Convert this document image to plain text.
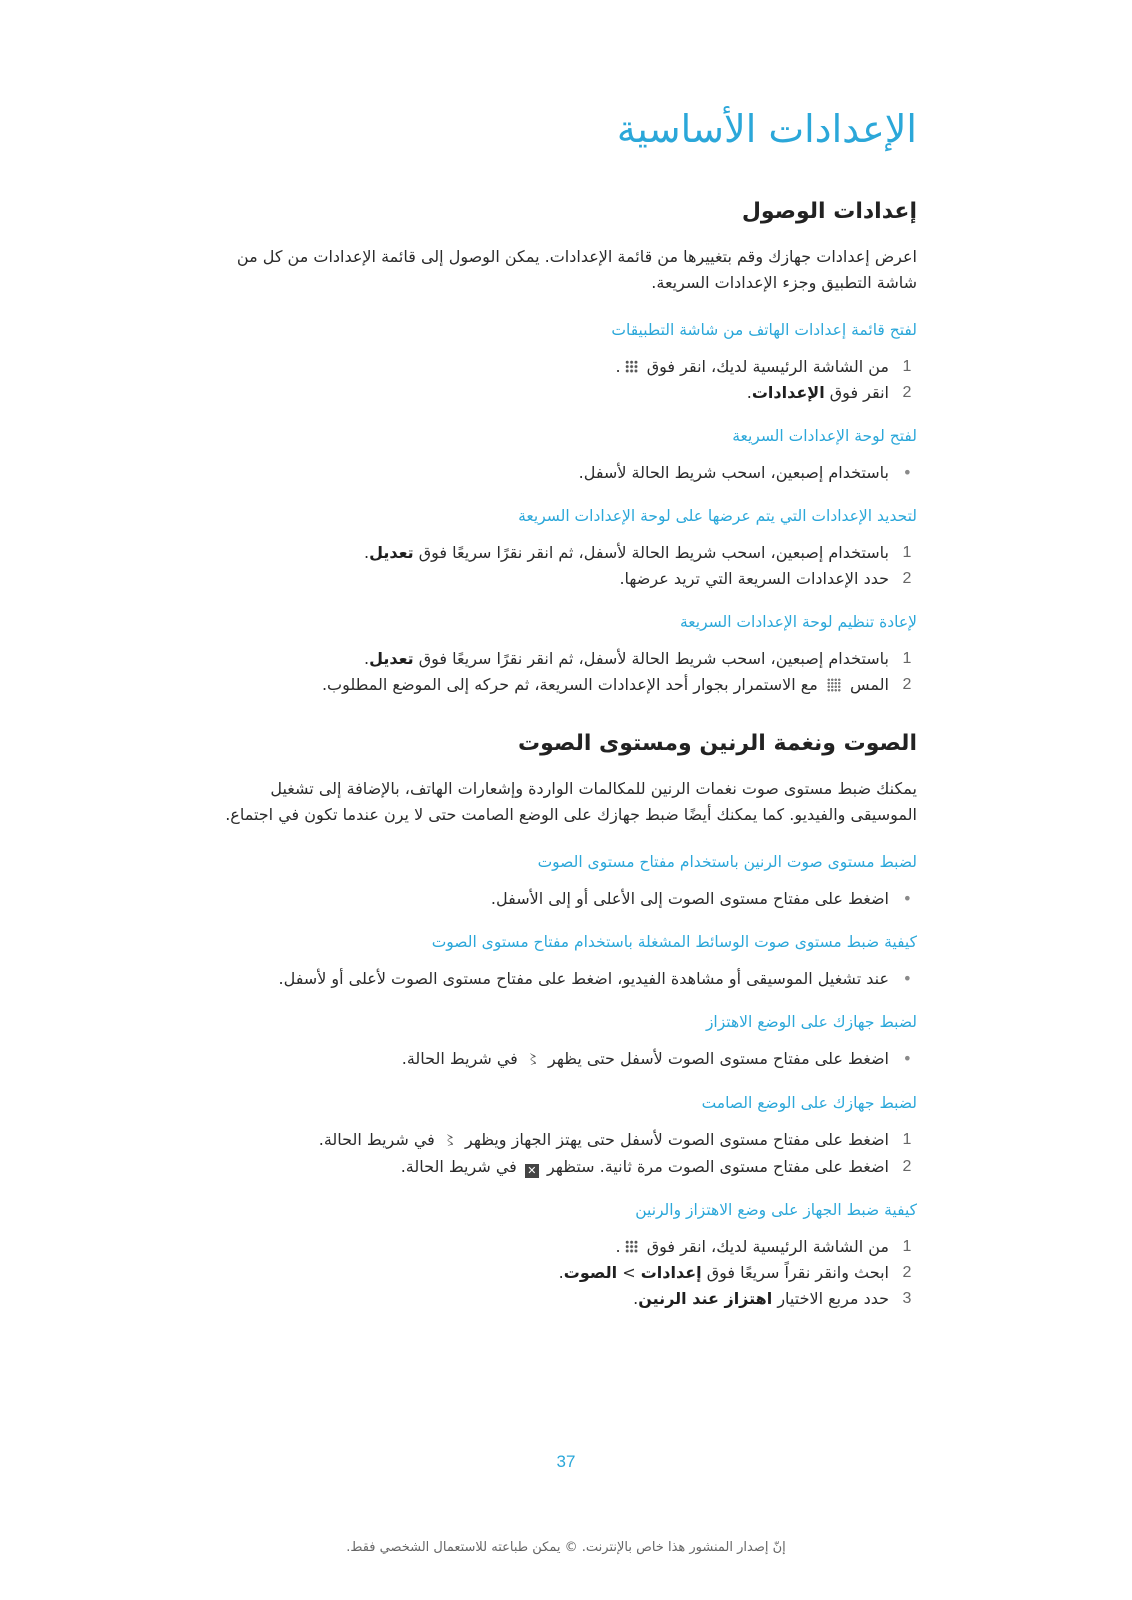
الإعدادات الأساسية
إعدادات الوصول

اعرض إعدادات جهازك وقم بتغييرها من قائمة الإعدادات. يمكن الوصول إلى قائمة الإعدادات من كل من شاشة التطبيق وجزء الإعدادات السريعة.

لفتح قائمة إعدادات الهاتف من شاشة التطبيقات

1
من الشاشة الرئيسية لديك، انقر فوق .
2
انقر فوق الإعدادات.

لفتح لوحة الإعدادات السريعة

•
باستخدام إصبعين، اسحب شريط الحالة لأسفل.

لتحديد الإعدادات التي يتم عرضها على لوحة الإعدادات السريعة

1
باستخدام إصبعين، اسحب شريط الحالة لأسفل، ثم انقر نقرًا سريعًا فوق تعديل.
2
حدد الإعدادات السريعة التي تريد عرضها.

لإعادة تنظيم لوحة الإعدادات السريعة

1
باستخدام إصبعين، اسحب شريط الحالة لأسفل، ثم انقر نقرًا سريعًا فوق تعديل.
2
المس  مع الاستمرار بجوار أحد الإعدادات السريعة، ثم حركه إلى الموضع المطلوب.
الصوت ونغمة الرنين ومستوى الصوت

يمكنك ضبط مستوى صوت نغمات الرنين للمكالمات الواردة وإشعارات الهاتف، بالإضافة إلى تشغيل الموسيقى والفيديو. كما يمكنك أيضًا ضبط جهازك على الوضع الصامت حتى لا يرن عندما تكون في اجتماع.

لضبط مستوى صوت الرنين باستخدام مفتاح مستوى الصوت

•
اضغط على مفتاح مستوى الصوت إلى الأعلى أو إلى الأسفل.

كيفية ضبط مستوى صوت الوسائط المشغلة باستخدام مفتاح مستوى الصوت

•
عند تشغيل الموسيقى أو مشاهدة الفيديو، اضغط على مفتاح مستوى الصوت لأعلى أو لأسفل.

لضبط جهازك على الوضع الاهتزاز

•
اضغط على مفتاح مستوى الصوت لأسفل حتى يظهر 〻 في شريط الحالة.

لضبط جهازك على الوضع الصامت

1
اضغط على مفتاح مستوى الصوت لأسفل حتى يهتز الجهاز ويظهر 〻 في شريط الحالة.
2
اضغط على مفتاح مستوى الصوت مرة ثانية. ستظهر ✕ في شريط الحالة.

كيفية ضبط الجهاز على وضع الاهتزاز والرنين

1
من الشاشة الرئيسية لديك، انقر فوق .
2
ابحث وانقر نقراً سريعًا فوق إعدادات > الصوت.
3
حدد مربع الاختيار اهتزاز عند الرنين.
37
إنّ إصدار المنشور هذا خاص بالإنترنت. © يمكن طباعته للاستعمال الشخصي فقط.
